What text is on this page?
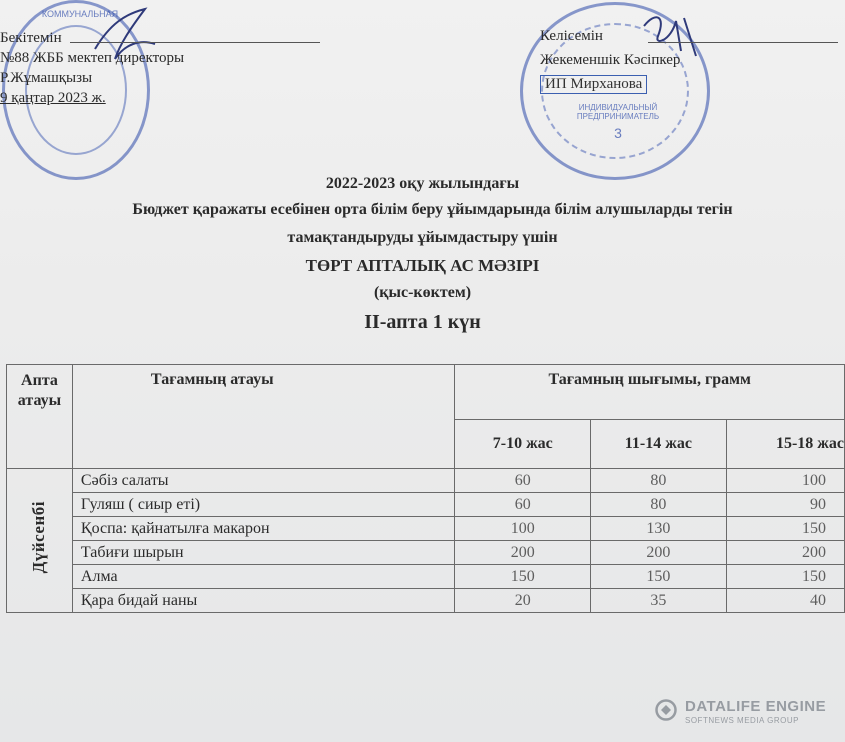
КОММУНАЛЬНАЯ
ИНДИВИДУАЛЬНЫЙ ПРЕДПРИНИМАТЕЛЬ
3
Бекітемін
№88 ЖББ мектеп директоры
Р.Жұмашқызы
9 қаңтар 2023 ж.
Келісемін
Жекеменшік Кәсіпкер
ИП Мирханова
2022-2023 оқу жылындағы
Бюджет қаражаты есебінен орта білім беру ұйымдарында білім алушыларды тегін
тамақтандыруды ұйымдастыру үшін
ТӨРТ АПТАЛЫҚ АС МӘЗІРІ
(қыс-көктем)
ІІ-апта 1 күн
Апта атауы	Тағамның атауы	Тағамның шығымы, грамм		
		7-10 жас	11-14 жас	15-18 жас
Дүйсенбі	Сәбіз салаты	60	80	100
	Гуляш ( сиыр еті)	60	80	90
	Қоспа: қайнатылға макарон	100	130	150
	Табиғи шырын	200	200	200
	Алма	150	150	150
	Қара бидай наны	20	35	40
DATALIFE ENGINE
SOFTNEWS MEDIA GROUP
